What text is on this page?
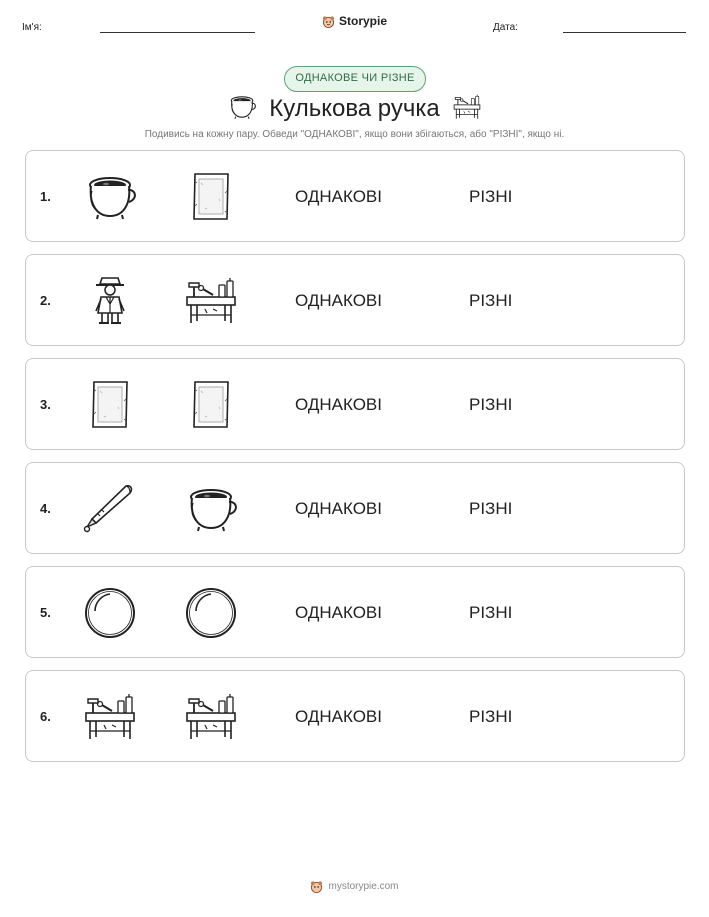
Ім'я:	Storypie	Дата:
ОДНАКОВЕ ЧИ РІЗНЕ
Кулькова ручка
Подивись на кожну пару. Обведи "ОДНАКОВІ", якщо вони збігаються, або "РІЗНІ", якщо ні.
1.	ОДНАКОВІ	РІЗНІ
2.	ОДНАКОВІ	РІЗНІ
3.	ОДНАКОВІ	РІЗНІ
4.	ОДНАКОВІ	РІЗНІ
5.	ОДНАКОВІ	РІЗНІ
6.	ОДНАКОВІ	РІЗНІ
mystorypie.com
